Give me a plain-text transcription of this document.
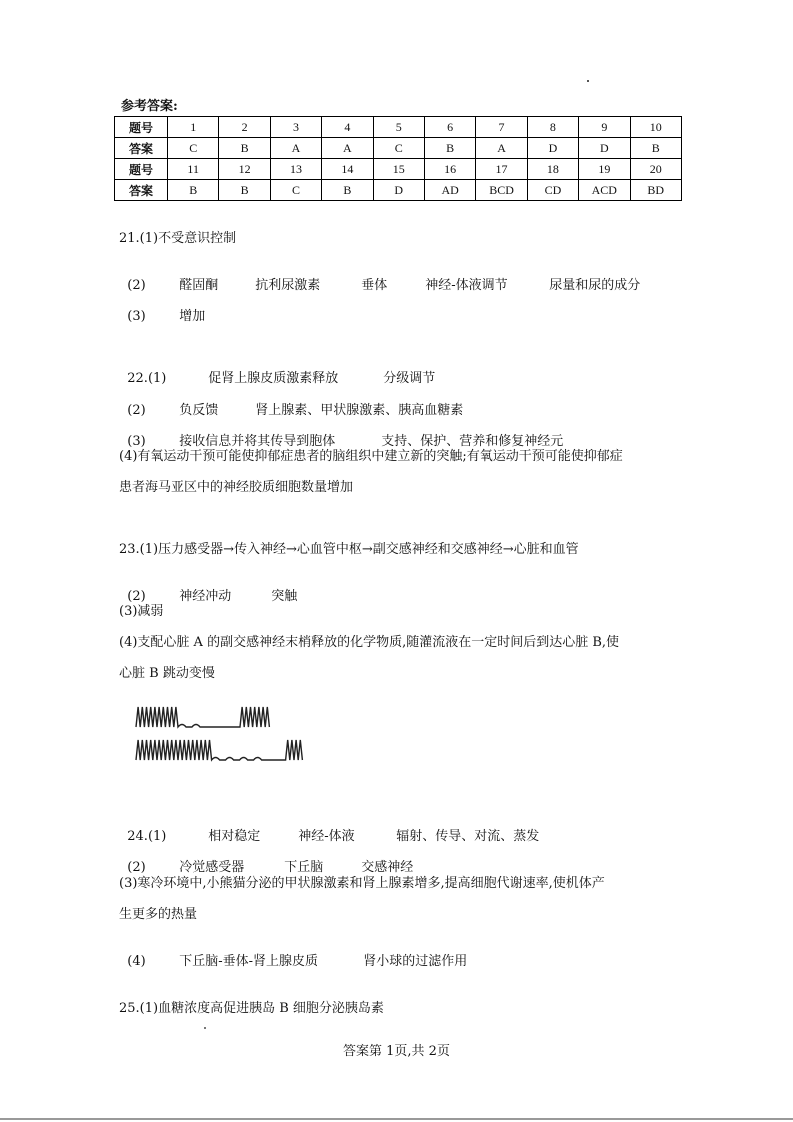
参考答案:
题号	1	2	3	4	5	6	7	8	9	10
答案	C	B	A	A	C	B	A	D	D	B
题号	11	12	13	14	15	16	17	18	19	20
答案	B	B	C	B	D	AD	BCD	CD	ACD	BD
21.(1)不受意识控制

(2)	醛固酮	抗利尿激素	垂体	神经-体液调节	尿量和尿的成分

(3)	增加

22.(1)	促肾上腺皮质激素释放	分级调节

(2)	负反馈	肾上腺素、甲状腺激素、胰高血糖素

(3)	接收信息并将其传导到胞体	支持、保护、营养和修复神经元

(4)有氧运动干预可能使抑郁症患者的脑组织中建立新的突触;有氧运动干预可能使抑郁症
患者海马亚区中的神经胶质细胞数量增加
23.(1)压力感受器→传入神经→心血管中枢→副交感神经和交感神经→心脏和血管

(2)	神经冲动	突触

(3)减弱
(4)支配心脏 A 的副交感神经末梢释放的化学物质,随灌流液在一定时间后到达心脏 B,使
心脏 B 跳动变慢

24.(1)	相对稳定	神经-体液	辐射、传导、对流、蒸发

(2)	冷觉感受器	下丘脑	交感神经

(3)寒冷环境中,小熊猫分泌的甲状腺激素和肾上腺素增多,提高细胞代谢速率,使机体产
生更多的热量

(4)	下丘脑-垂体-肾上腺皮质	肾小球的过滤作用

25.(1)血糖浓度高促进胰岛 B 细胞分泌胰岛素
答案第 1页,共 2页
